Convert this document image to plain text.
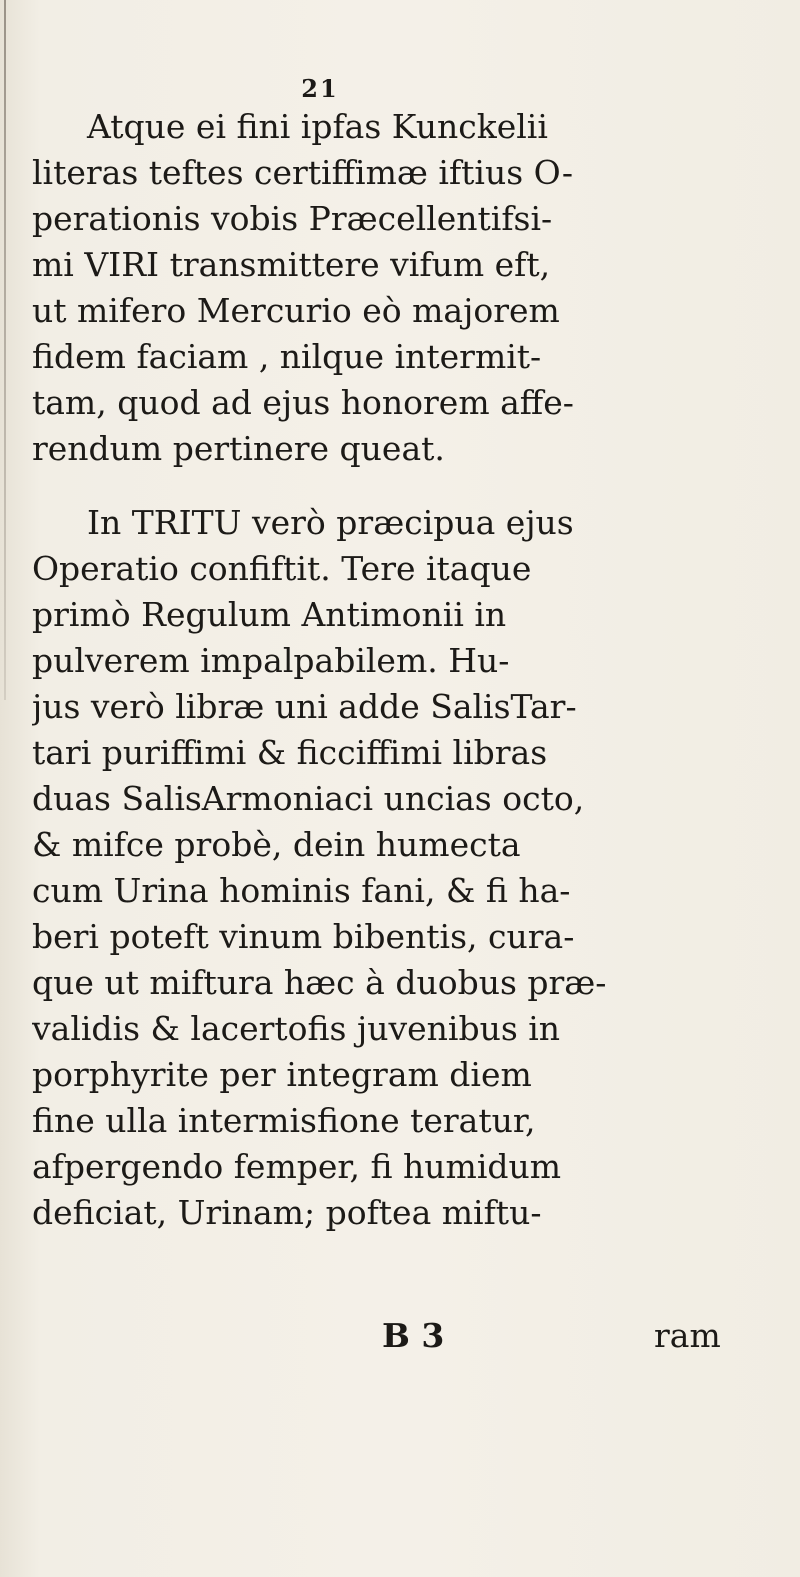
21
Atque ei fini ipfas Kunckelii
literas teftes certiffimæ iftius O-
perationis vobis Præcellentifsi-
mi VIRI transmittere vifum eft,
ut mifero Mercurio eò majorem
fidem faciam , nilque intermit-
tam, quod ad ejus honorem affe-
rendum pertinere queat.
In TRITU verò præcipua ejus
Operatio confiftit. Tere itaque
primò Regulum Antimonii in
pulverem impalpabilem. Hu-
jus verò libræ uni adde SalisTar-
tari puriffimi & ficciffimi libras
duas SalisArmoniaci uncias octo,
& mifce probè, dein humecta
cum Urina hominis fani, & fi ha-
beri poteft vinum bibentis, cura-
que ut miftura hæc à duobus præ-
validis & lacertofis juvenibus in
porphyrite per integram diem
fine ulla intermisfione teratur,
afpergendo femper, fi humidum
deficiat, Urinam; poftea miftu-
B 3	ram
